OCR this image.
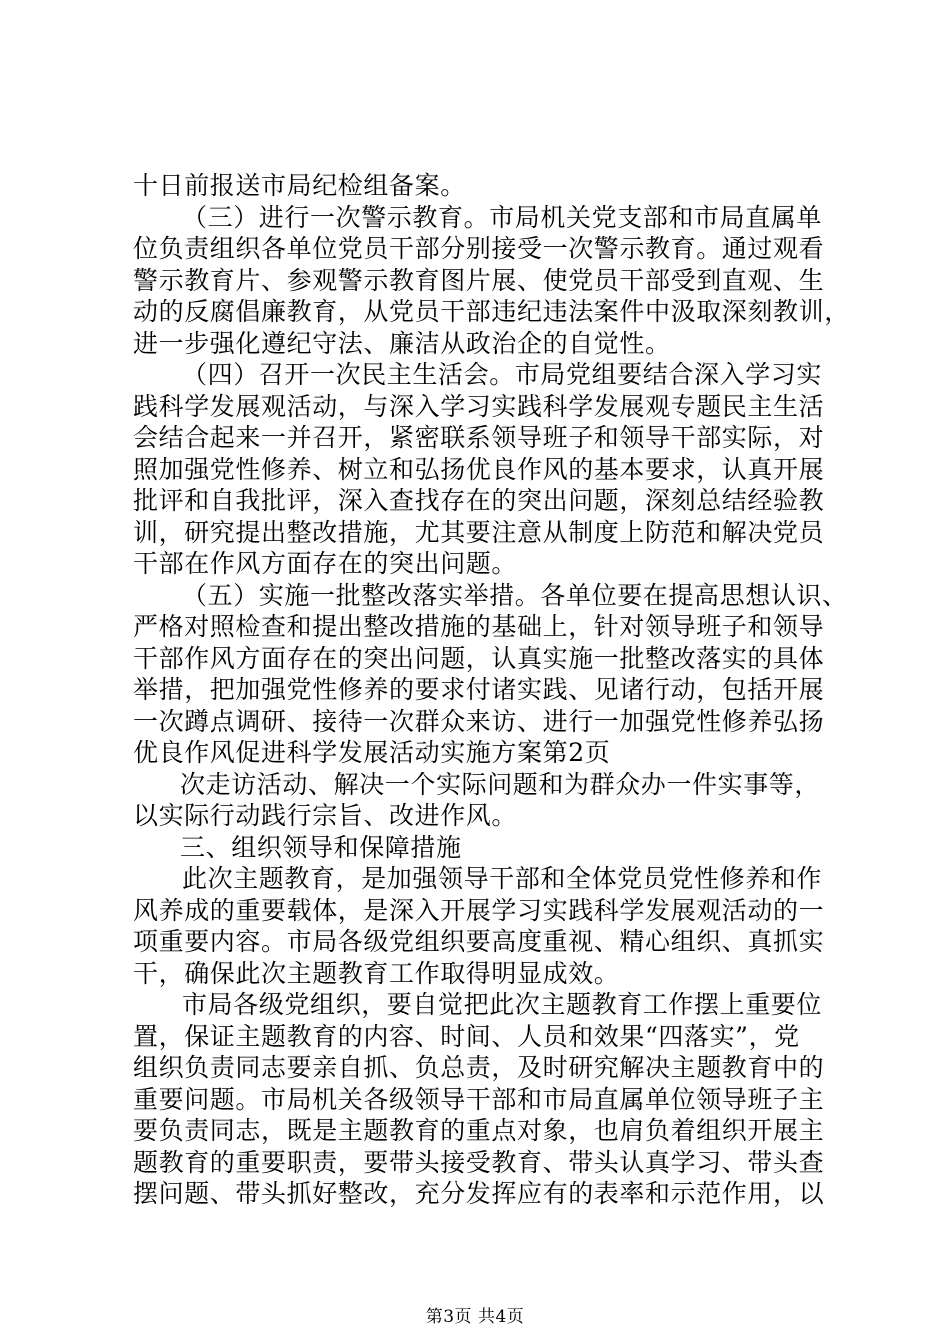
十日前报送市局纪检组备案。
（三）进行一次警示教育。市局机关党支部和市局直属单
位负责组织各单位党员干部分别接受一次警示教育。通过观看
警示教育片、参观警示教育图片展、使党员干部受到直观、生
动的反腐倡廉教育，从党员干部违纪违法案件中汲取深刻教训，
进一步强化遵纪守法、廉洁从政治企的自觉性。
（四）召开一次民主生活会。市局党组要结合深入学习实
践科学发展观活动，与深入学习实践科学发展观专题民主生活
会结合起来一并召开，紧密联系领导班子和领导干部实际，对
照加强党性修养、树立和弘扬优良作风的基本要求，认真开展
批评和自我批评，深入查找存在的突出问题，深刻总结经验教
训，研究提出整改措施，尤其要注意从制度上防范和解决党员
干部在作风方面存在的突出问题。
（五）实施一批整改落实举措。各单位要在提高思想认识、
严格对照检查和提出整改措施的基础上，针对领导班子和领导
干部作风方面存在的突出问题，认真实施一批整改落实的具体
举措，把加强党性修养的要求付诸实践、见诸行动，包括开展
一次蹲点调研、接待一次群众来访、进行一加强党性修养弘扬
优良作风促进科学发展活动实施方案第2页
次走访活动、解决一个实际问题和为群众办一件实事等，
以实际行动践行宗旨、改进作风。
三、组织领导和保障措施
此次主题教育，是加强领导干部和全体党员党性修养和作
风养成的重要载体，是深入开展学习实践科学发展观活动的一
项重要内容。市局各级党组织要高度重视、精心组织、真抓实
干，确保此次主题教育工作取得明显成效。
市局各级党组织，要自觉把此次主题教育工作摆上重要位
置，保证主题教育的内容、时间、人员和效果“四落实”，党
组织负责同志要亲自抓、负总责，及时研究解决主题教育中的
重要问题。市局机关各级领导干部和市局直属单位领导班子主
要负责同志，既是主题教育的重点对象，也肩负着组织开展主
题教育的重要职责，要带头接受教育、带头认真学习、带头查
摆问题、带头抓好整改，充分发挥应有的表率和示范作用，以
第3页 共4页
